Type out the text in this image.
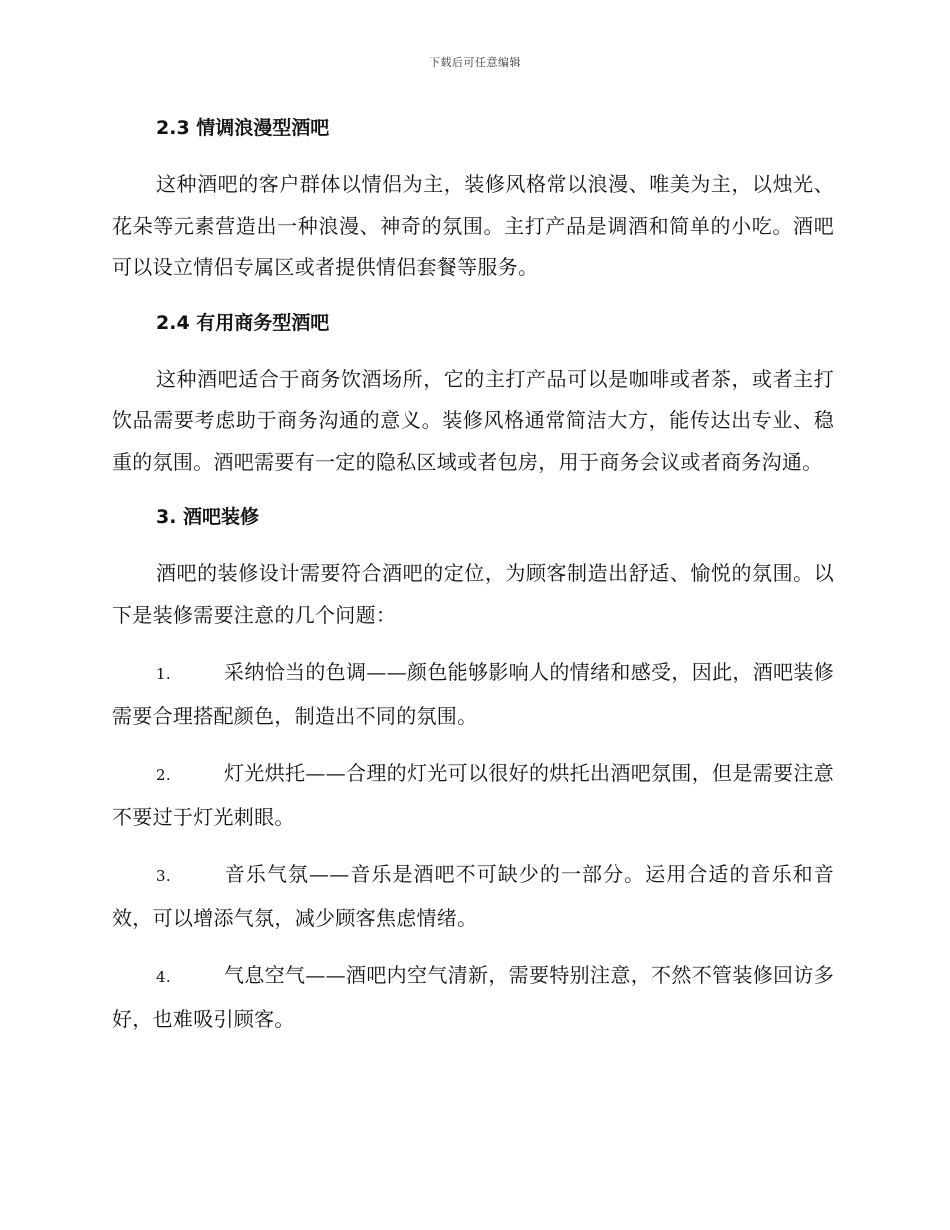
下载后可任意编辑
2.3 情调浪漫型酒吧

这种酒吧的客户群体以情侣为主，装修风格常以浪漫、唯美为主，以烛光、花朵等元素营造出一种浪漫、神奇的氛围。主打产品是调酒和简单的小吃。酒吧可以设立情侣专属区或者提供情侣套餐等服务。

2.4 有用商务型酒吧

这种酒吧适合于商务饮酒场所，它的主打产品可以是咖啡或者茶，或者主打饮品需要考虑助于商务沟通的意义。装修风格通常简洁大方，能传达出专业、稳重的氛围。酒吧需要有一定的隐私区域或者包房，用于商务会议或者商务沟通。

3. 酒吧装修

酒吧的装修设计需要符合酒吧的定位，为顾客制造出舒适、愉悦的氛围。以下是装修需要注意的几个问题：

1.	采纳恰当的色调——颜色能够影响人的情绪和感受，因此，酒吧装修需要合理搭配颜色，制造出不同的氛围。

2.	灯光烘托——合理的灯光可以很好的烘托出酒吧氛围，但是需要注意不要过于灯光刺眼。

3.	音乐气氛——音乐是酒吧不可缺少的一部分。运用合适的音乐和音效，可以增添气氛，减少顾客焦虑情绪。

4.	气息空气——酒吧内空气清新，需要特别注意，不然不管装修回访多好，也难吸引顾客。
